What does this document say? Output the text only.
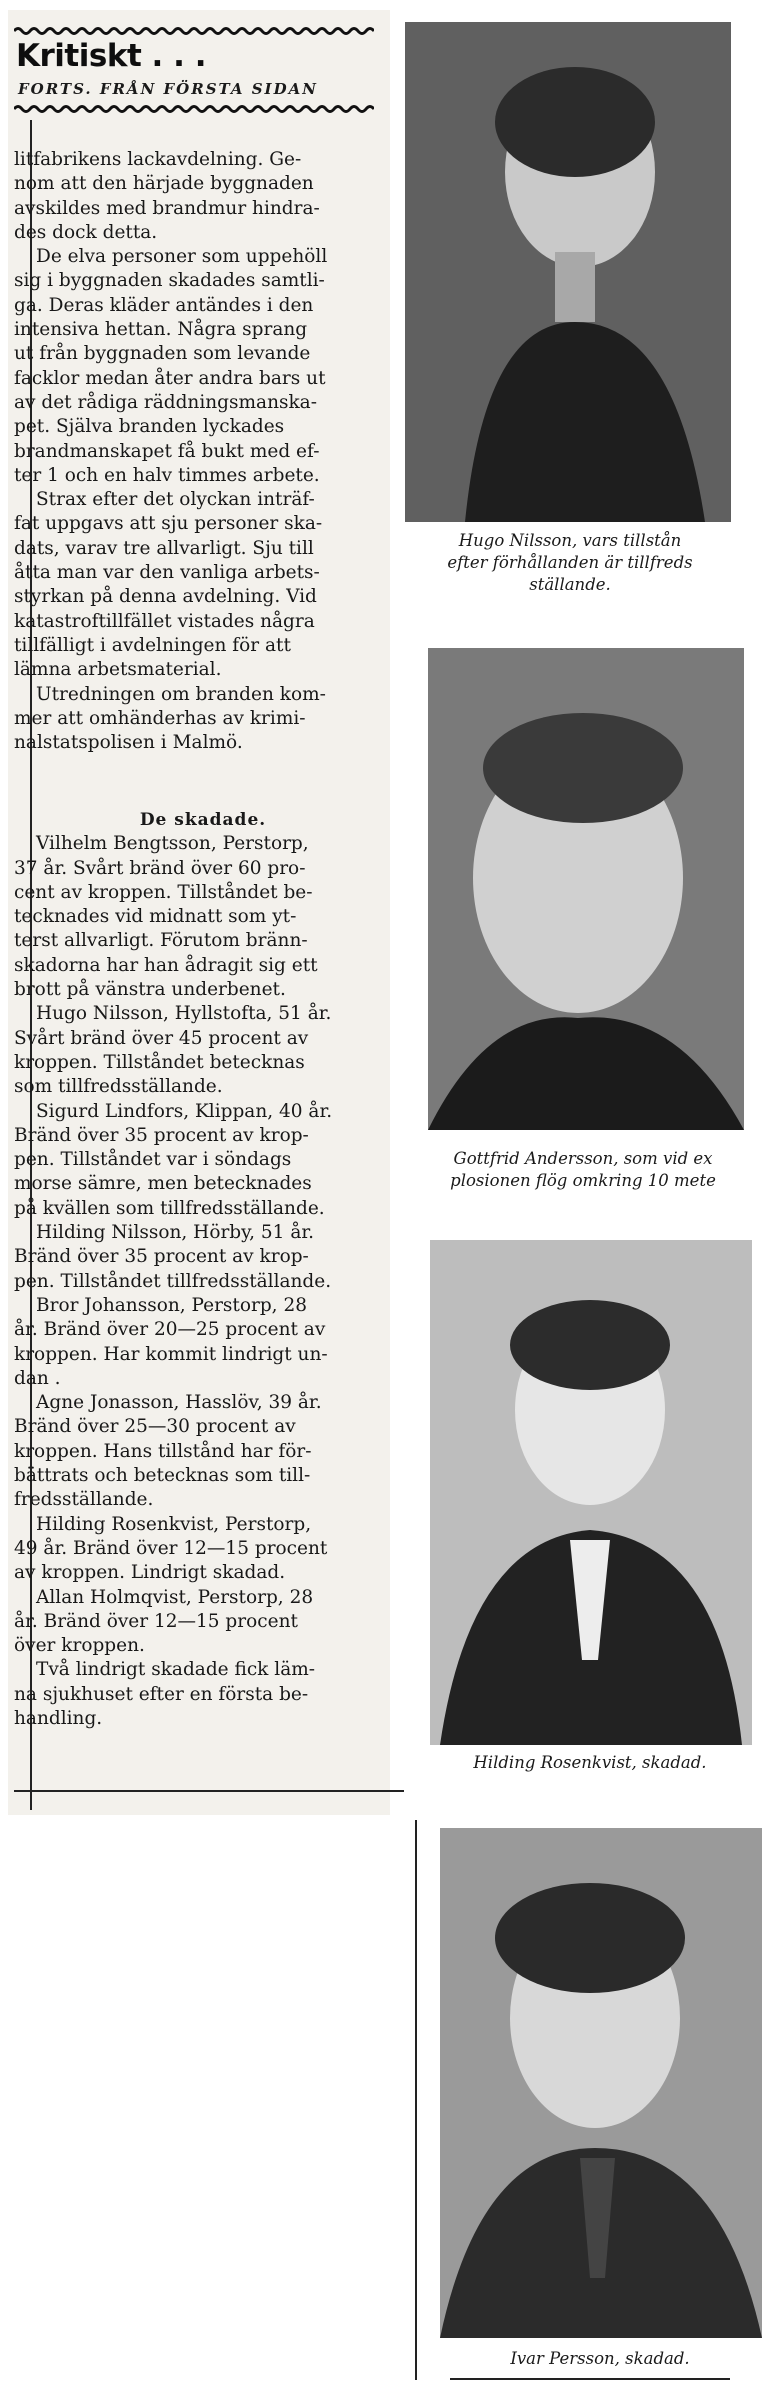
Kritiskt . . .
FORTS. FRÅN FÖRSTA SIDAN
litfabrikens lackavdelning. Ge-
nom att den härjade byggnaden
avskildes med brandmur hindra-
des dock detta.
De elva personer som uppehöll
sig i byggnaden skadades samtli-
ga. Deras kläder antändes i den
intensiva hettan. Några sprang
ut från byggnaden som levande
facklor medan åter andra bars ut
av det rådiga räddningsmanska-
pet. Själva branden lyckades
brandmanskapet få bukt med ef-
ter 1 och en halv timmes arbete.
Strax efter det olyckan inträf-
fat uppgavs att sju personer ska-
dats, varav tre allvarligt. Sju till
åtta man var den vanliga arbets-
styrkan på denna avdelning. Vid
katastroftillfället vistades några
tillfälligt i avdelningen för att
lämna arbetsmaterial.
Utredningen om branden kom-
mer att omhänderhas av krimi-
nalstatspolisen i Malmö.
De skadade.
Vilhelm Bengtsson, Perstorp,
37 år. Svårt bränd över 60 pro-
cent av kroppen. Tillståndet be-
tecknades vid midnatt som yt-
terst allvarligt. Förutom bränn-
skadorna har han ådragit sig ett
brott på vänstra underbenet.
Hugo Nilsson, Hyllstofta, 51 år.
Svårt bränd över 45 procent av
kroppen. Tillståndet betecknas
som tillfredsställande.
Sigurd Lindfors, Klippan, 40 år.
Bränd över 35 procent av krop-
pen. Tillståndet var i söndags
morse sämre, men betecknades
på kvällen som tillfredsställande.
Hilding Nilsson, Hörby, 51 år.
Bränd över 35 procent av krop-
pen. Tillståndet tillfredsställande.
Bror Johansson, Perstorp, 28
år. Bränd över 20—25 procent av
kroppen. Har kommit lindrigt un-
dan .
Agne Jonasson, Hasslöv, 39 år.
Bränd över 25—30 procent av
kroppen. Hans tillstånd har för-
bättrats och betecknas som till-
fredsställande.
Hilding Rosenkvist, Perstorp,
49 år. Bränd över 12—15 procent
av kroppen. Lindrigt skadad.
Allan Holmqvist, Perstorp, 28
år. Bränd över 12—15 procent
över kroppen.
Två lindrigt skadade fick läm-
na sjukhuset efter en första be-
handling.
Hugo Nilsson, vars tillstån
efter förhållanden är tillfreds
ställande.
Gottfrid Andersson, som vid ex
plosionen flög omkring 10 mete
Hilding Rosenkvist, skadad.
Ivar Persson, skadad.
